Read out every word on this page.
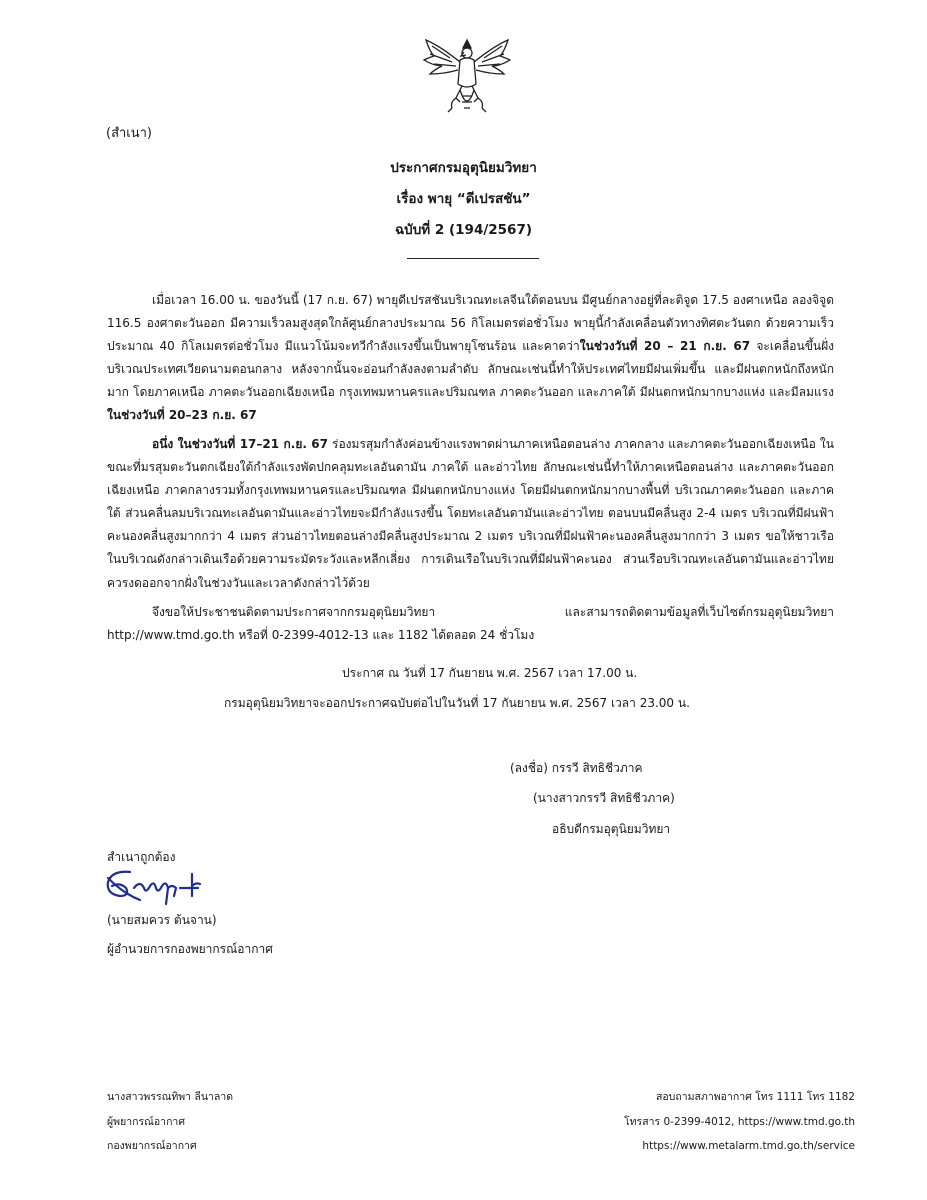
(สำเนา)
ประกาศกรมอุตุนิยมวิทยา
เรื่อง พายุ “ดีเปรสชัน”
ฉบับที่ 2 (194/2567)

เมื่อเวลา 16.00 น. ของวันนี้ (17 ก.ย. 67) พายุดีเปรสชันบริเวณทะเลจีนใต้ตอนบน มีศูนย์กลางอยู่ที่ละติจูด 17.5 องศาเหนือ ลองจิจูด 116.5 องศาตะวันออก มีความเร็วลมสูงสุดใกล้ศูนย์กลางประมาณ 56 กิโลเมตรต่อชั่วโมง พายุนี้กำลังเคลื่อนตัวทางทิศตะวันตก ด้วยความเร็วประมาณ 40 กิโลเมตรต่อชั่วโมง มีแนวโน้มจะทวีกำลังแรงขึ้นเป็นพายุโซนร้อน และคาดว่าในช่วงวันที่ 20 – 21 ก.ย. 67 จะเคลื่อนขึ้นฝั่งบริเวณประเทศเวียดนามตอนกลาง หลังจากนั้นจะอ่อนกำลังลงตามลำดับ ลักษณะเช่นนี้ทำให้ประเทศไทยมีฝนเพิ่มขึ้น และมีฝนตกหนักถึงหนักมาก โดยภาคเหนือ ภาคตะวันออกเฉียงเหนือ กรุงเทพมหานครและปริมณฑล ภาคตะวันออก และภาคใต้ มีฝนตกหนักมากบางแห่ง และมีลมแรงในช่วงวันที่ 20–23 ก.ย. 67

อนึ่ง ในช่วงวันที่ 17–21 ก.ย. 67 ร่องมรสุมกำลังค่อนข้างแรงพาดผ่านภาคเหนือตอนล่าง ภาคกลาง และภาคตะวันออกเฉียงเหนือ ในขณะที่มรสุมตะวันตกเฉียงใต้กำลังแรงพัดปกคลุมทะเลอันดามัน ภาคใต้ และอ่าวไทย ลักษณะเช่นนี้ทำให้ภาคเหนือตอนล่าง และภาคตะวันออกเฉียงเหนือ ภาคกลางรวมทั้งกรุงเทพมหานครและปริมณฑล มีฝนตกหนักบางแห่ง โดยมีฝนตกหนักมากบางพื้นที่ บริเวณภาคตะวันออก และภาคใต้ ส่วนคลื่นลมบริเวณทะเลอันดามันและอ่าวไทยจะมีกำลังแรงขึ้น โดยทะเลอันดามันและอ่าวไทย ตอนบนมีคลื่นสูง 2-4 เมตร บริเวณที่มีฝนฟ้าคะนองคลื่นสูงมากกว่า 4 เมตร ส่วนอ่าวไทยตอนล่างมีคลื่นสูงประมาณ 2 เมตร บริเวณที่มีฝนฟ้าคะนองคลื่นสูงมากกว่า 3 เมตร ขอให้ชาวเรือในบริเวณดังกล่าวเดินเรือด้วยความระมัดระวังและหลีกเลี่ยง การเดินเรือในบริเวณที่มีฝนฟ้าคะนอง ส่วนเรือบริเวณทะเลอันดามันและอ่าวไทยควรงดออกจากฝั่งในช่วงวันและเวลาดังกล่าวไว้ด้วย

จึงขอให้ประชาชนติดตามประกาศจากกรมอุตุนิยมวิทยา และสามารถติดตามข้อมูลที่เว็บไซต์กรมอุตุนิยมวิทยา http://www.tmd.go.th หรือที่ 0-2399-4012-13 และ 1182 ได้ตลอด 24 ชั่วโมง

ประกาศ ณ วันที่ 17 กันยายน พ.ศ. 2567 เวลา 17.00 น.
กรมอุตุนิยมวิทยาจะออกประกาศฉบับต่อไปในวันที่ 17 กันยายน พ.ศ. 2567 เวลา 23.00 น.
(ลงชื่อ) กรรวี สิทธิชีวภาค
(นางสาวกรรวี สิทธิชีวภาค)
อธิบดีกรมอุตุนิยมวิทยา
สำเนาถูกต้อง
(นายสมควร ต้นจาน)
ผู้อำนวยการกองพยากรณ์อากาศ
นางสาวพรรณทิพา ลีนาลาด
ผู้พยากรณ์อากาศ
กองพยากรณ์อากาศ
สอบถามสภาพอากาศ โทร 1111 โทร 1182
โทรสาร 0-2399-4012, https://www.tmd.go.th
https://www.metalarm.tmd.go.th/service
